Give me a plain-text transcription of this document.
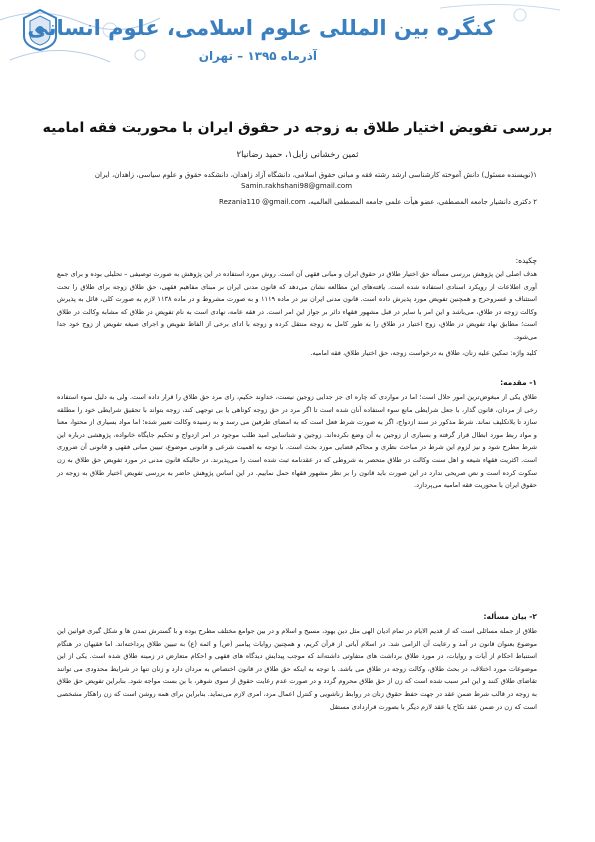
کنگره بین المللی علوم اسلامی، علوم انسانی
آذرماه ۱۳۹۵ – تهران
بررسی تفویض اختیار طلاق به زوجه در حقوق ایران با محوریت فقه امامیه
ثمین رخشانی زابل۱، حمید رضانیا۲
۱(نویسنده مسئول) دانش آموخته کارشناسی ارشد رشته فقه و مبانی حقوق اسلامی، دانشگاه آزاد زاهدان، دانشکده حقوق و علوم سیاسی، زاهدان، ایران
Samin.rakhshani98@gmail.com
۲ دکتری دانشیار جامعه المصطفی، عضو هیأت علمی جامعه المصطفی العالمیه، Rezania110 @gmail.com
چکیده:
هدف اصلی این پژوهش بررسی مسأله حق اختیار طلاق در حقوق ایران و مبانی فقهی آن است. روش مورد استفاده در این پژوهش به صورت توصیفی – تحلیلی بوده و برای جمع آوری اطلاعات از رویکرد اسنادی استفاده شده است. یافته‌های این مطالعه نشان می‌دهد که قانون مدنی ایران بر مبنای مفاهیم فقهی، حق طلاق زوجه برای طلاق را تحت استثناف و عسروحرج و همچنین تفویض مورد پذیرش داده است. قانون مدنی ایران نیز در ماده ۱۱۱۹ و به صورت مشروط و در ماده ۱۱۳۸ لازم به صورت کلی، قائل به پذیرش وکالت زوجه در طلاق، می‌باشد و این امر با سایر در قبل مشهور فقهاء دائر بر جواز این امر است. در فقه عامه، نهادی است به نام تفویض در طلاق که مشابه وکالت در طلاق است؛ مطابق نهاد تفویض در طلاق، زوج اختیار در طلاق را به طور کامل به زوجه منتقل کرده و زوجه با ادای برخی از الفاظ تفویض و اجرای صیغه تفویض از زوج خود جدا می‌شود.
کلید واژه: تمکین علیه زنان، طلاق به درخواست زوجه، حق اختیار طلاق، فقه امامیه.
۱- مقدمه:
طلاق یکی از مبغوض‌ترین امور حلال است؛ اما در مواردی که چاره ای جز جدایی زوجین نیست، خداوند حکیم، رای مرد حق طلاق را قرار داده است. ولی به دلیل سوء استفاده رخی از مردان، قانون گذار، با جعل شرایطی مانع سوء استفاده آنان شده است تا اگر مرد در حق زوجه کوتاهی یا بی توجهی کند، زوجه بتواند با تحقیق شرایطی خود را مطلقه سازد تا بلاتکلیف نماند. شرط مذکور در سند ازدواج، اگر به صورت شرط فعل است که به امضای طرفین می رسد و به رسیده وکالت تعبیر شده؛ اما مواد بسیاری از محتوا، معنا و مواد ربط مورد ابطال قرار گرفته و بسیاری از زوجین به آن وضع نکرده‌اند. زوجین و شناسایی امید طلب موجود در امر ازدواج و تحکیم جایگاه خانواده، پژوهشی درباره این شرط مطرح شود و نیز لزوم این شرط در مباحث نظری و محاکم قضایی مورد بحث است. با توجه به اهمیت شرعی و قانونی موضوع، تبیین مبانی فقهی و قانونی آن ضروری است. اکثریت فقهاء شیعه و اهل سنت وکالت در طلاق متحصر به شروطی که در عقدنامه ثبت شده است را می‌پذیرند. در حالیکه قانون مدنی در مورد تفویض حق طلاق به زن سکوت کرده است و نص صریحی ندارد در این صورت باید قانون را بر نظر مشهور فقهاء حمل نماییم. در این اساس پژوهش حاضر به بررسی تفویض اختیار طلاق به زوجه در حقوق ایران با محوریت فقه امامیه می‌پردازد.
۲- بیان مسأله:
طلاق از جمله مسائلی است که از قدیم الایام در تمام ادیان الهی مثل دین یهود، مسیح و اسلام و در بین جوامع مختلف مطرح بوده و با گسترش تمدن ها و شکل گیری قوانین این موضوع بعنوان قانون در آمد و رعایت آن الزامی شد. در اسلام آیاتی از قرآن کریم، و همچنین روایات پیامبر (ص) و ائمه (ع) به تبیین طلاق پرداخته‌اند. اما فقیهان در هنگام استنباط احکام از آیات و روایات، در مورد طلاق برداشت های متفاوتی داشته‌اند که موجب پیدایش دیدگاه های فقهی و احکام متعارض در زمینه طلاق شده است. یکی از این موضوعات مورد اختلاف، در بحث طلاق، وکالت زوجه در طلاق می باشد. با توجه به اینکه حق طلاق در قانون اختصاص به مردان دارد و زنان تنها در شرایط محدودی می توانند تقاضای طلاق کنند و این امر سبب شده است که زن از حق طلاق محروم گردد و در صورت عدم رعایت حقوق از سوی شوهر، با بن بست مواجه شود. بنابراین تفویض حق طلاق به زوجه در قالب شرط ضمن عقد در جهت حفظ حقوق زنان در روابط زناشویی و کنترل اعمال مرد، امری لازم می‌نماید. بنابراین برای همه روشن است که زن راهکار مشخصی است که زن در ضمن عقد نکاح یا عقد لازم دیگر با بصورت قراردادی مستقل
